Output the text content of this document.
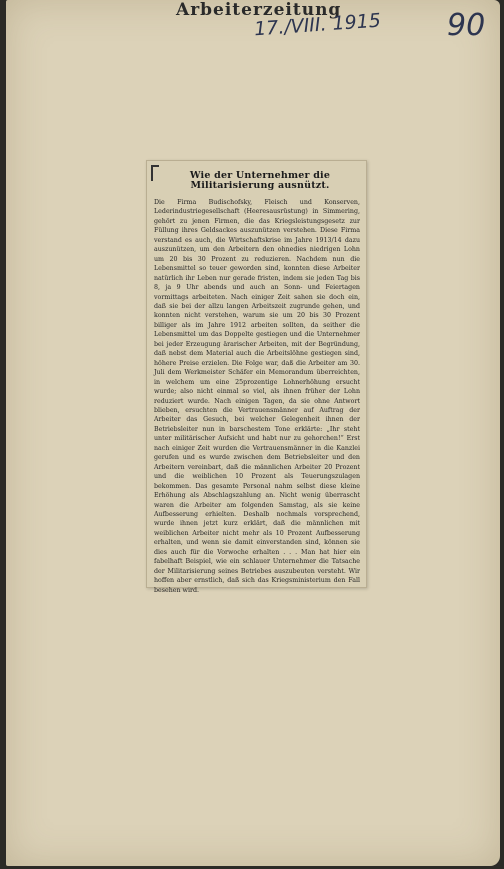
Arbeiterzeitung
17./VIII. 1915 90
Wie der Unternehmer die Militarisierung ausnützt.

Die Firma Budischofsky, Fleisch und Konserven, Lederindustriegesellschaft (Heeresausrüstung) in Simmering, gehört zu jenen Firmen, die das Kriegsleistungsgesetz zur Füllung ihres Geldsackes auszunützen verstehen. Diese Firma verstand es auch, die Wirtschaftskrise im Jahre 1913/14 dazu auszunützen, um den Arbeitern den ohnedies niedrigen Lohn um 20 bis 30 Prozent zu reduzieren. Nachdem nun die Lebensmittel so teuer geworden sind, konnten diese Arbeiter natürlich ihr Leben nur gerade fristen, indem sie jeden Tag bis 8, ja 9 Uhr abends und auch an Sonn- und Feiertagen vormittags arbeiteten. Nach einiger Zeit sahen sie doch ein, daß sie bei der allzu langen Arbeitszeit zugrunde gehen, und konnten nicht verstehen, warum sie um 20 bis 30 Prozent billiger als im Jahre 1912 arbeiten sollten, da seither die Lebensmittel um das Doppelte gestiegen und die Unternehmer bei jeder Erzeugung ärarischer Arbeiten, mit der Begründung, daß nebst dem Material auch die Arbeitslöhne gestiegen sind, höhere Preise erzielen. Die Folge war, daß die Arbeiter am 30. Juli dem Werkmeister Schäfer ein Memorandum überreichten, in welchem um eine 25prozentige Lohnerhöhung ersucht wurde; also nicht einmal so viel, als ihnen früher der Lohn reduziert wurde. Nach einigen Tagen, da sie ohne Antwort blieben, ersuchten die Vertrauensmänner auf Auftrag der Arbeiter das Gesuch, bei welcher Gelegenheit ihnen der Betriebsleiter nun in barschestem Tone erklärte: „Ihr steht unter militärischer Aufsicht und habt nur zu gehorchen!“ Erst nach einiger Zeit wurden die Vertrauensmänner in die Kanzlei gerufen und es wurde zwischen dem Betriebsleiter und den Arbeitern vereinbart, daß die männlichen Arbeiter 20 Prozent und die weiblichen 10 Prozent als Teuerungszulagen bekommen. Das gesamte Personal nahm selbst diese kleine Erhöhung als Abschlagszahlung an. Nicht wenig überrascht waren die Arbeiter am folgenden Samstag, als sie keine Aufbesserung erhielten. Deshalb nochmals vorsprechend, wurde ihnen jetzt kurz erklärt, daß die männlichen mit weiblichen Arbeiter nicht mehr als 10 Prozent Aufbesserung erhalten, und wenn sie damit einverstanden sind, können sie dies auch für die Vorwoche erhalten . . . Man hat hier ein fabelhaft Beispiel, wie ein schlauer Unternehmer die Tatsache der Militarisierung seines Betriebes auszubeuten versteht. Wir hoffen aber ernstlich, daß sich das Kriegsministerium den Fall besehen wird.
